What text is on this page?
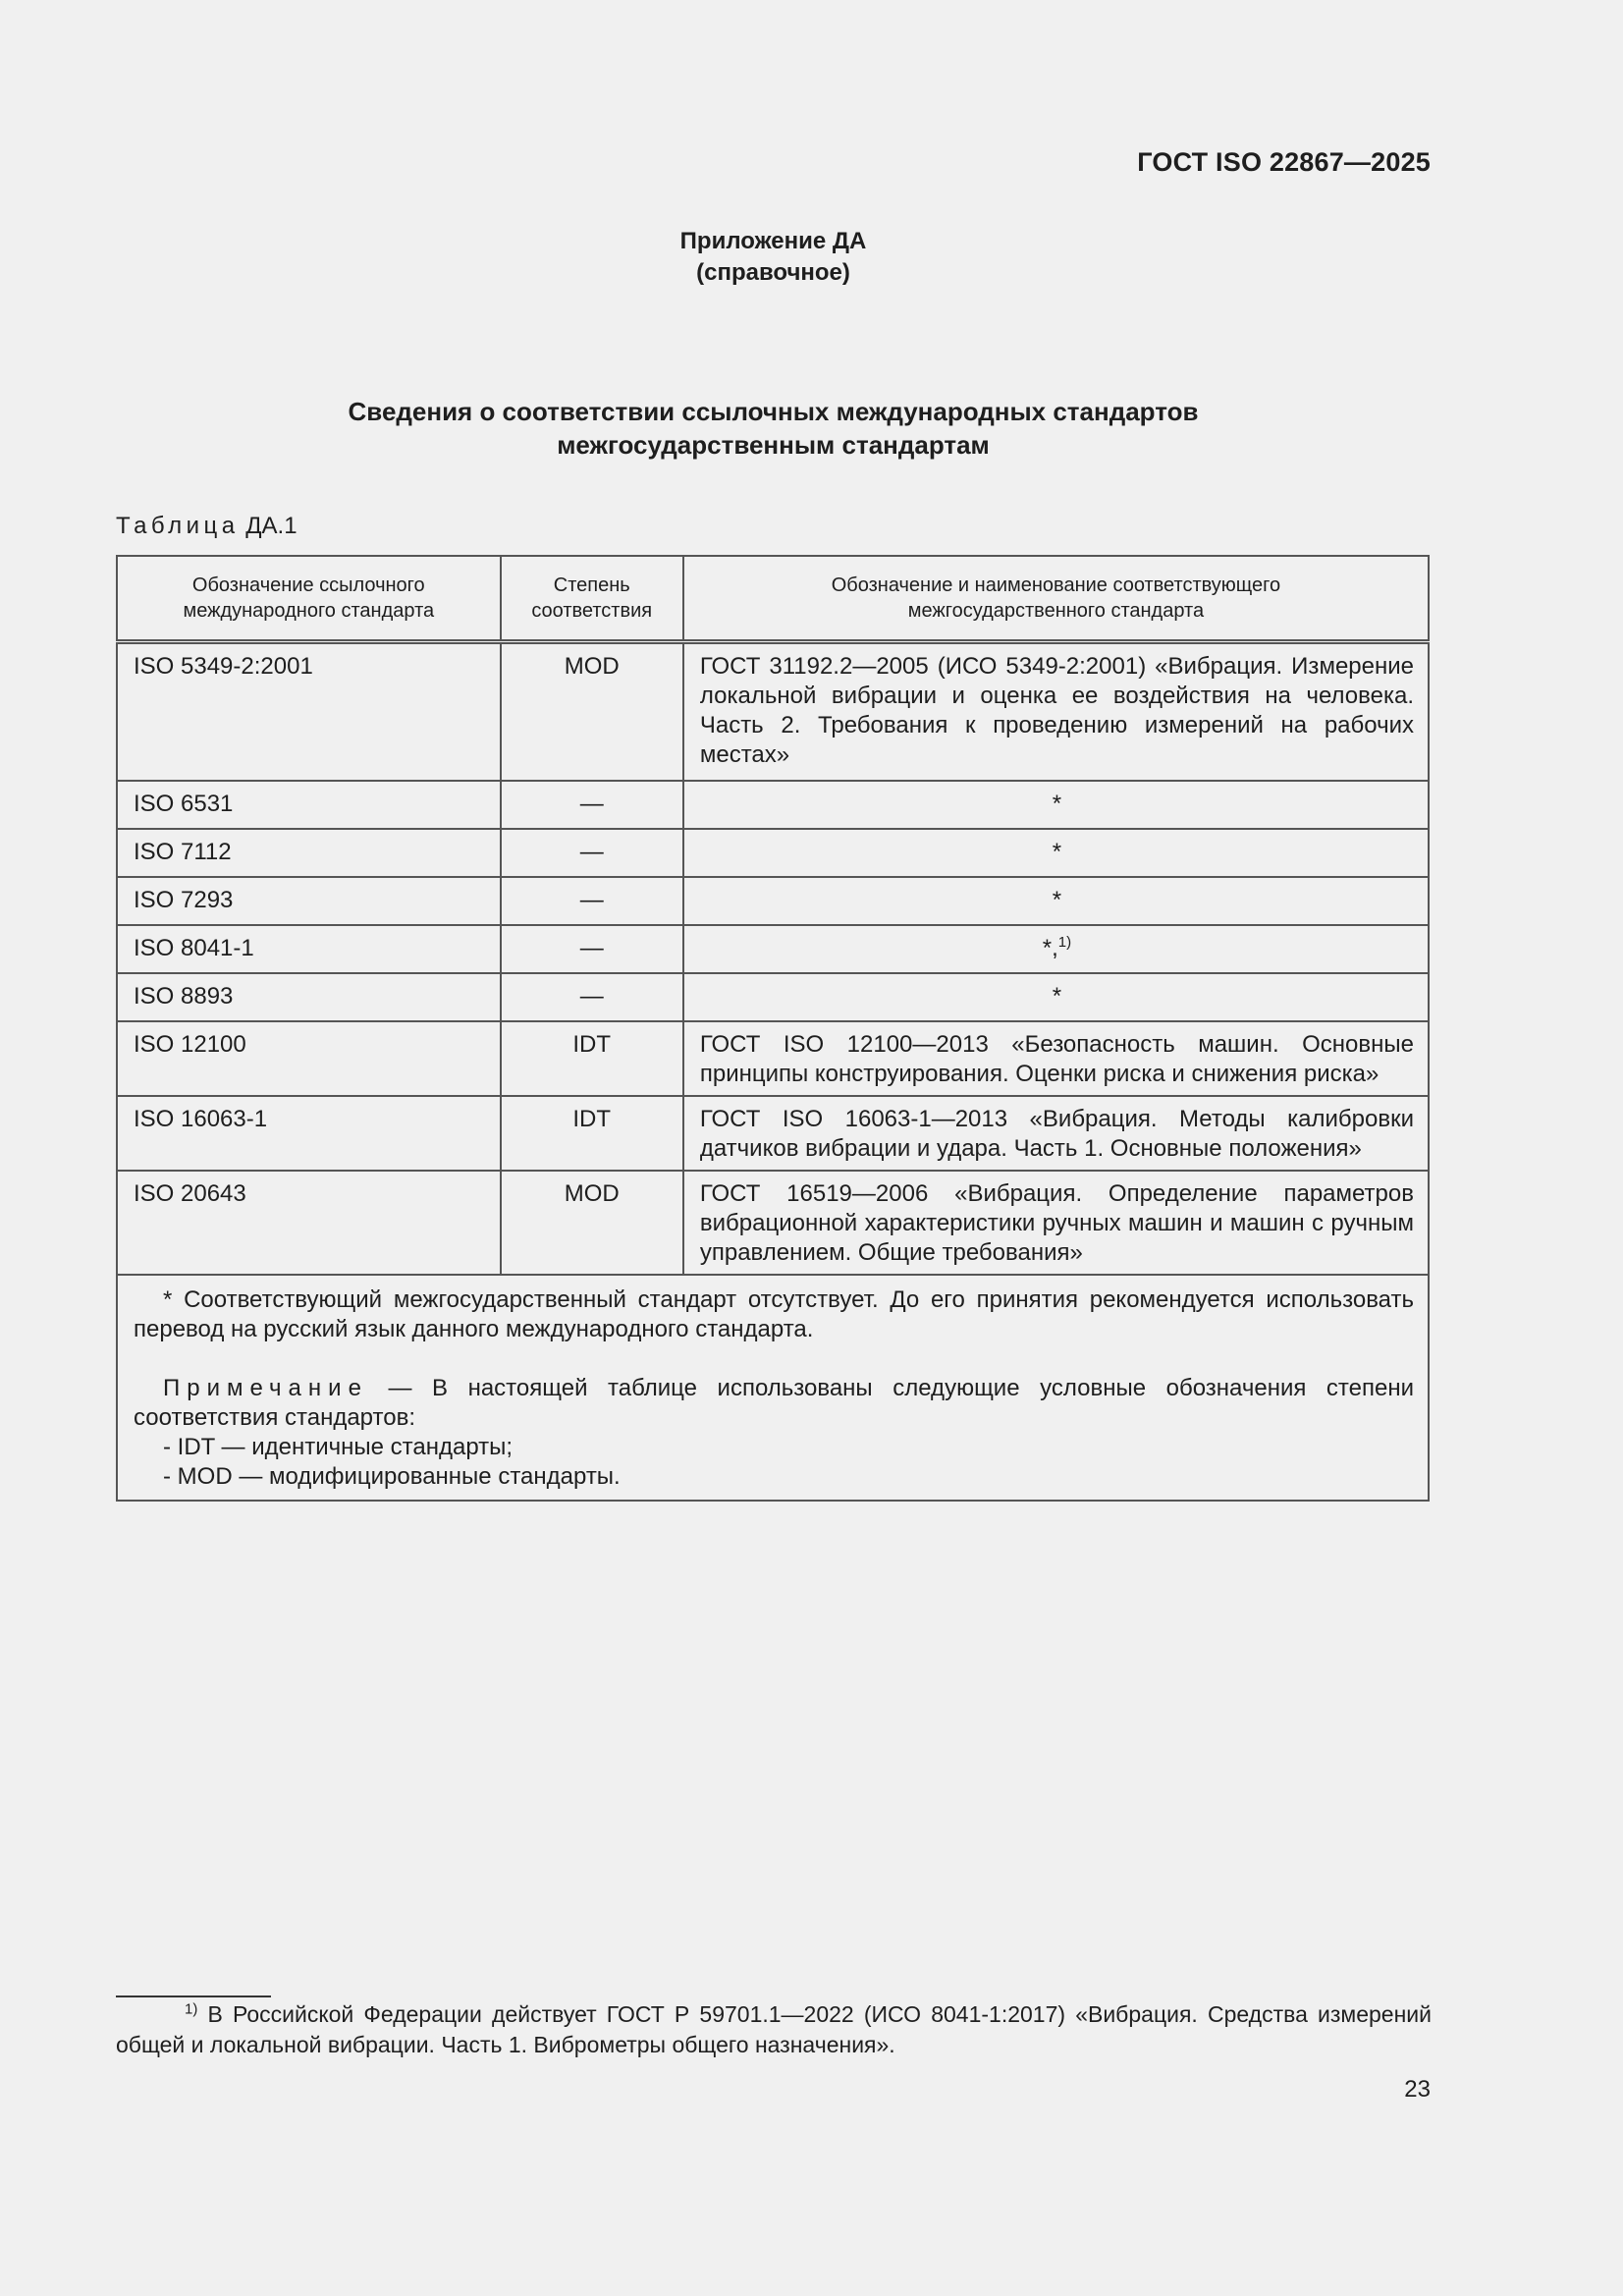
ГОСТ ISO 22867—2025
Приложение ДА
(справочное)
Сведения о соответствии ссылочных международных стандартов
межгосударственным стандартам
Таблица ДА.1
Обозначение ссылочного международного стандарта	Степень соответствия	Обозначение и наименование соответствующего межгосударственного стандарта
ISO 5349-2:2001	MOD	ГОСТ 31192.2—2005 (ИСО 5349-2:2001) «Вибрация. Измерение локальной вибрации и оценка ее воздействия на человека. Часть 2. Требования к проведению измерений на рабочих местах»
ISO 6531	—	*
ISO 7112	—	*
ISO 7293	—	*
ISO 8041-1	—	*,$^{1)}$
ISO 8893	—	*
ISO 12100	IDT	ГОСТ ISO 12100—2013 «Безопасность машин. Основные принципы конструирования. Оценки риска и снижения риска»
ISO 16063-1	IDT	ГОСТ ISO 16063-1—2013 «Вибрация. Методы калибровки датчиков вибрации и удара. Часть 1. Основные положения»
ISO 20643	MOD	ГОСТ 16519—2006 «Вибрация. Определение параметров вибрационной характеристики ручных машин и машин с ручным управлением. Общие требования»

* Соответствующий межгосударственный стандарт отсутствует. До его принятия рекомендуется использовать перевод на русский язык данного международного стандарта.
Примечание — В настоящей таблице использованы следующие условные обозначения степени соответствия стандартов:
- IDT — идентичные стандарты;
- MOD — модифицированные стандарты.		
$^{1)}$ В Российской Федерации действует ГОСТ Р 59701.1—2022 (ИСО 8041-1:2017) «Вибрация. Средства измерений общей и локальной вибрации. Часть 1. Виброметры общего назначения».
23
